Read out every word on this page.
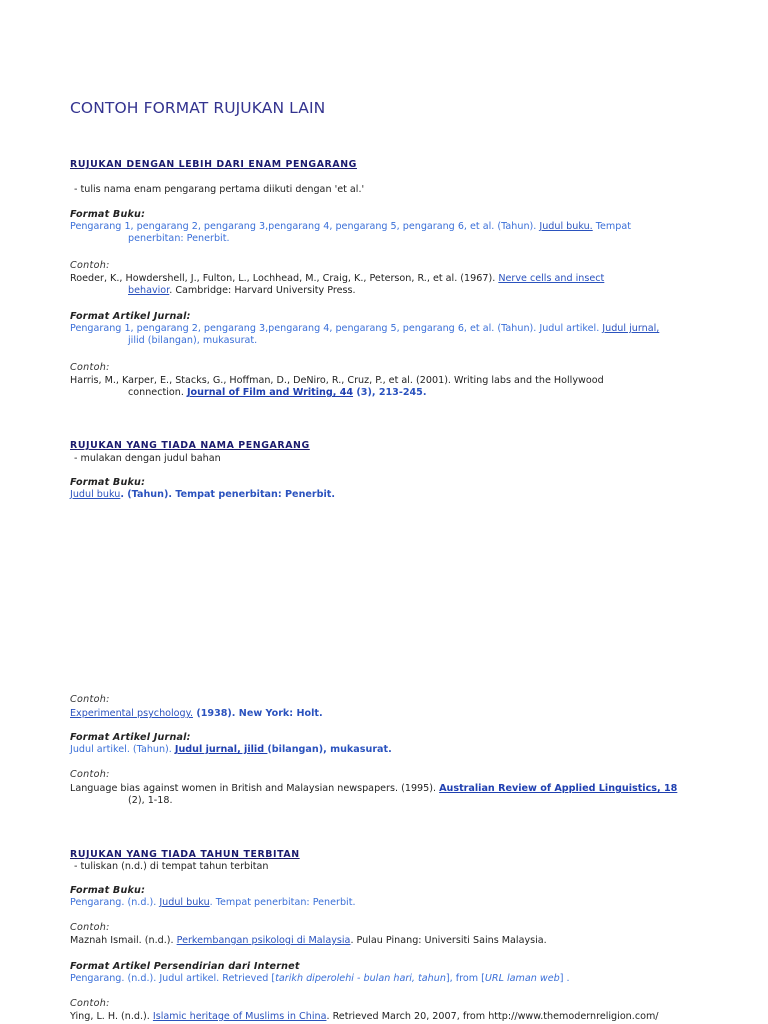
CONTOH FORMAT RUJUKAN LAIN
RUJUKAN DENGAN LEBIH DARI ENAM PENGARANG
- tulis nama enam pengarang pertama diikuti dengan 'et al.'
Format Buku:
Pengarang 1, pengarang 2, pengarang 3,pengarang 4, pengarang 5, pengarang 6, et al. (Tahun). Judul buku. Tempat
penerbitan: Penerbit.
Contoh:
Roeder, K., Howdershell, J., Fulton, L., Lochhead, M., Craig, K., Peterson, R., et al. (1967). Nerve cells and insect
behavior. Cambridge: Harvard University Press.
Format Artikel Jurnal:
Pengarang 1, pengarang 2, pengarang 3,pengarang 4, pengarang 5, pengarang 6, et al. (Tahun). Judul artikel. Judul jurnal,
jilid (bilangan), mukasurat.
Contoh:
Harris, M., Karper, E., Stacks, G., Hoffman, D., DeNiro, R., Cruz, P., et al. (2001). Writing labs and the Hollywood
connection. Journal of Film and Writing, 44 (3), 213-245.
RUJUKAN YANG TIADA NAMA PENGARANG
- mulakan dengan judul bahan
Format Buku:
Judul buku. (Tahun). Tempat penerbitan: Penerbit.
Contoh:
Experimental psychology. (1938). New York: Holt.
Format Artikel Jurnal:
Judul artikel. (Tahun). Judul jurnal, jilid (bilangan), mukasurat.
Contoh:
Language bias against women in British and Malaysian newspapers. (1995). Australian Review of Applied Linguistics, 18
(2), 1-18.
RUJUKAN YANG TIADA TAHUN TERBITAN
- tuliskan (n.d.) di tempat tahun terbitan
Format Buku:
Pengarang. (n.d.). Judul buku. Tempat penerbitan: Penerbit.
Contoh:
Maznah Ismail. (n.d.). Perkembangan psikologi di Malaysia. Pulau Pinang: Universiti Sains Malaysia.
Format Artikel Persendirian dari Internet
Pengarang. (n.d.). Judul artikel. Retrieved [tarikh diperolehi - bulan hari, tahun], from [URL laman web] .
Contoh:
Ying, L. H. (n.d.). Islamic heritage of Muslims in China. Retrieved March 20, 2007, from http://www.themodernreligion.com/
